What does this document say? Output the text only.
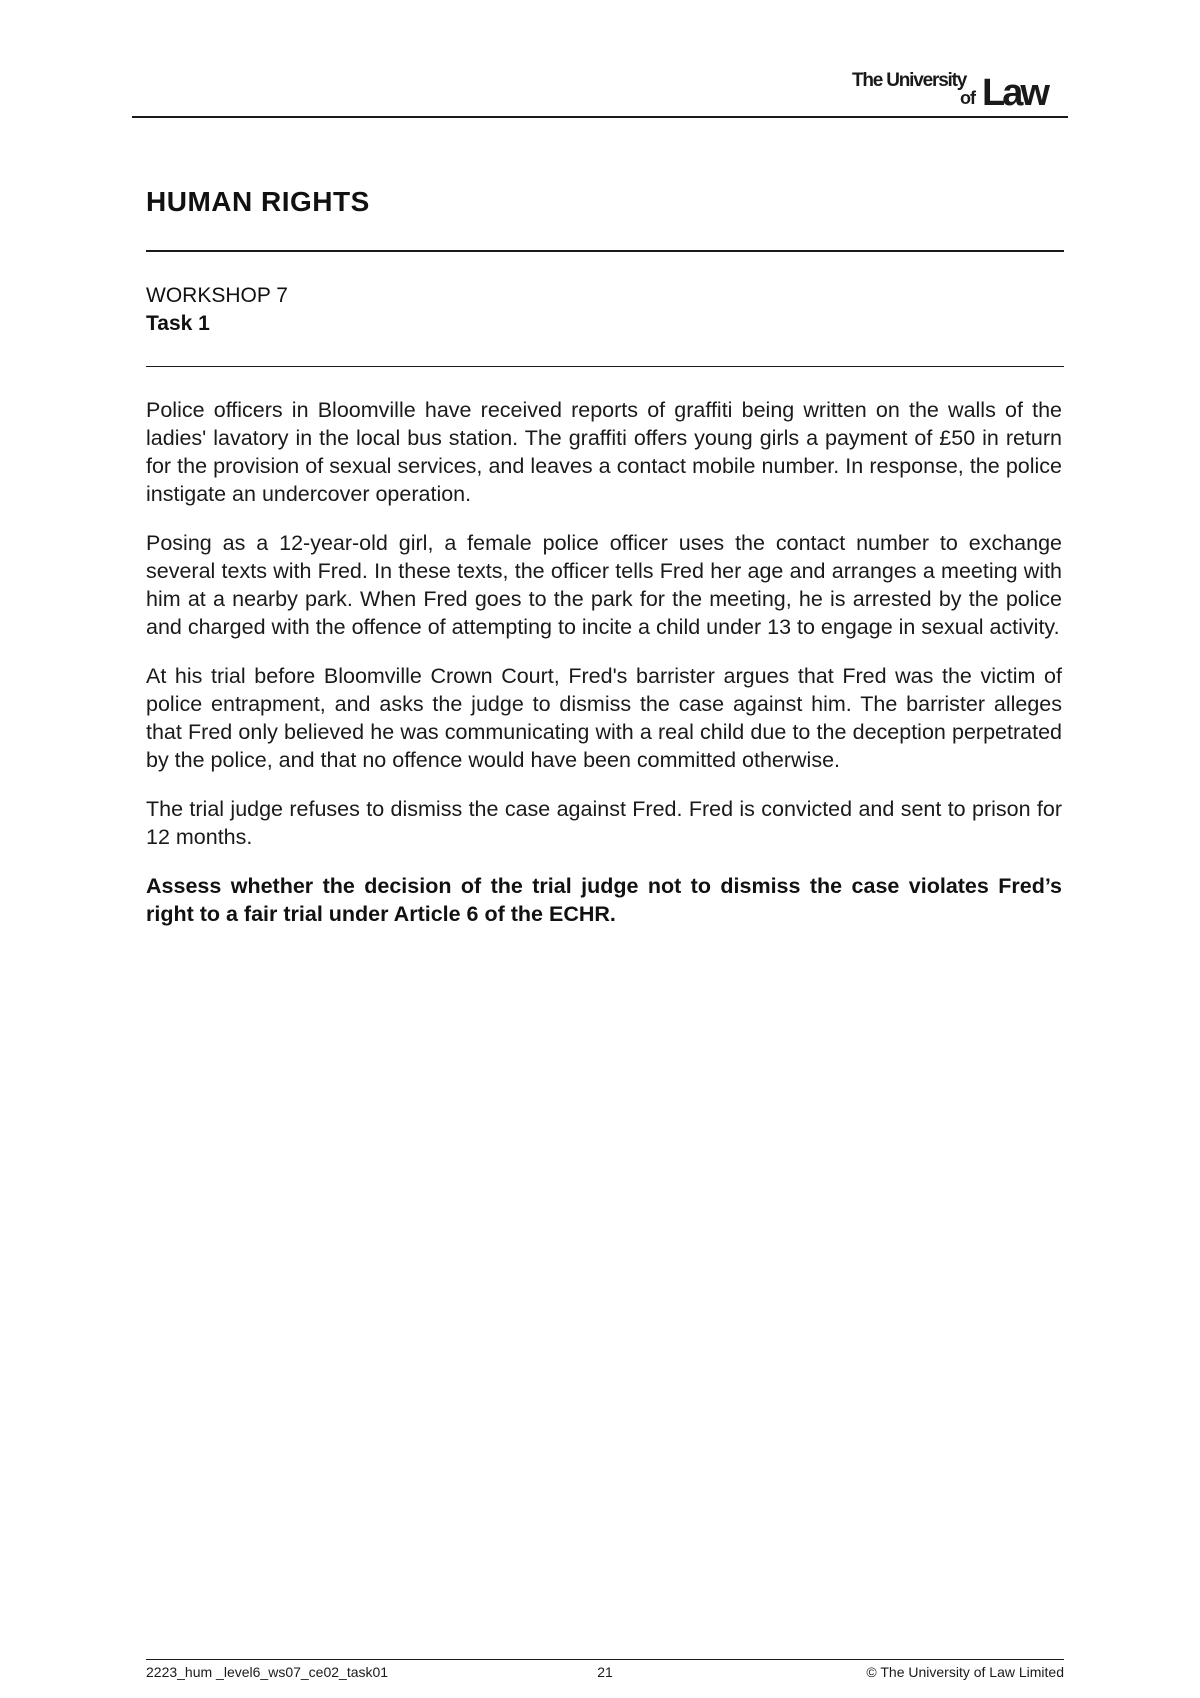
The University
of Law
HUMAN RIGHTS
WORKSHOP 7
Task 1

Police officers in Bloomville have received reports of graffiti being written on the walls of the ladies' lavatory in the local bus station. The graffiti offers young girls a payment of £50 in return for the provision of sexual services, and leaves a contact mobile number. In response, the police instigate an undercover operation.

Posing as a 12-year-old girl, a female police officer uses the contact number to exchange several texts with Fred. In these texts, the officer tells Fred her age and arranges a meeting with him at a nearby park. When Fred goes to the park for the meeting, he is arrested by the police and charged with the offence of attempting to incite a child under 13 to engage in sexual activity.

At his trial before Bloomville Crown Court, Fred's barrister argues that Fred was the victim of police entrapment, and asks the judge to dismiss the case against him. The barrister alleges that Fred only believed he was communicating with a real child due to the deception perpetrated by the police, and that no offence would have been committed otherwise.

The trial judge refuses to dismiss the case against Fred. Fred is convicted and sent to prison for 12 months.

Assess whether the decision of the trial judge not to dismiss the case violates Fred’s right to a fair trial under Article 6 of the ECHR.

2223_hum _level6_ws07_ce02_task01	21	© The University of Law Limited
